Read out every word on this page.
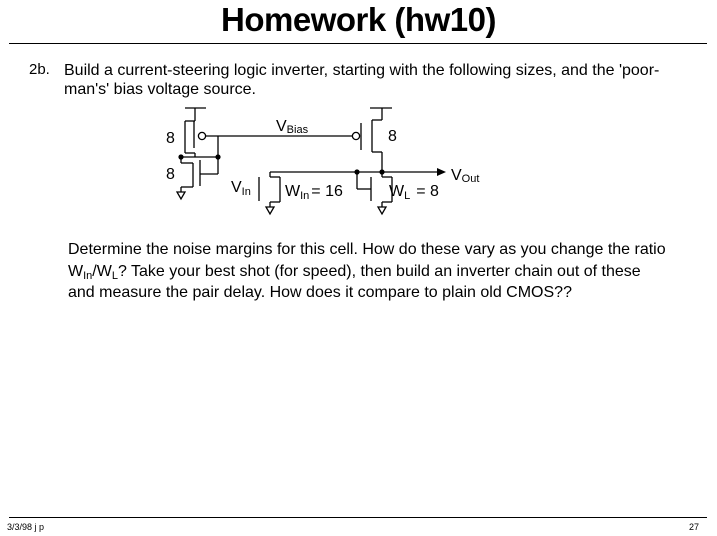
Homework (hw10)
2b. Build a current-steering logic inverter, starting with the following sizes, and the 'poor-man's' bias voltage source.
8
8
8
VBias
VIn WIn = 16	WL = 8
VOut
Determine the noise margins for this cell. How do these vary as you change the ratio $W_{In}/W_L$? Take your best shot (for speed), then build an inverter chain out of these and measure the pair delay. How does it compare to plain old CMOS??
3/3/98 j p	27
